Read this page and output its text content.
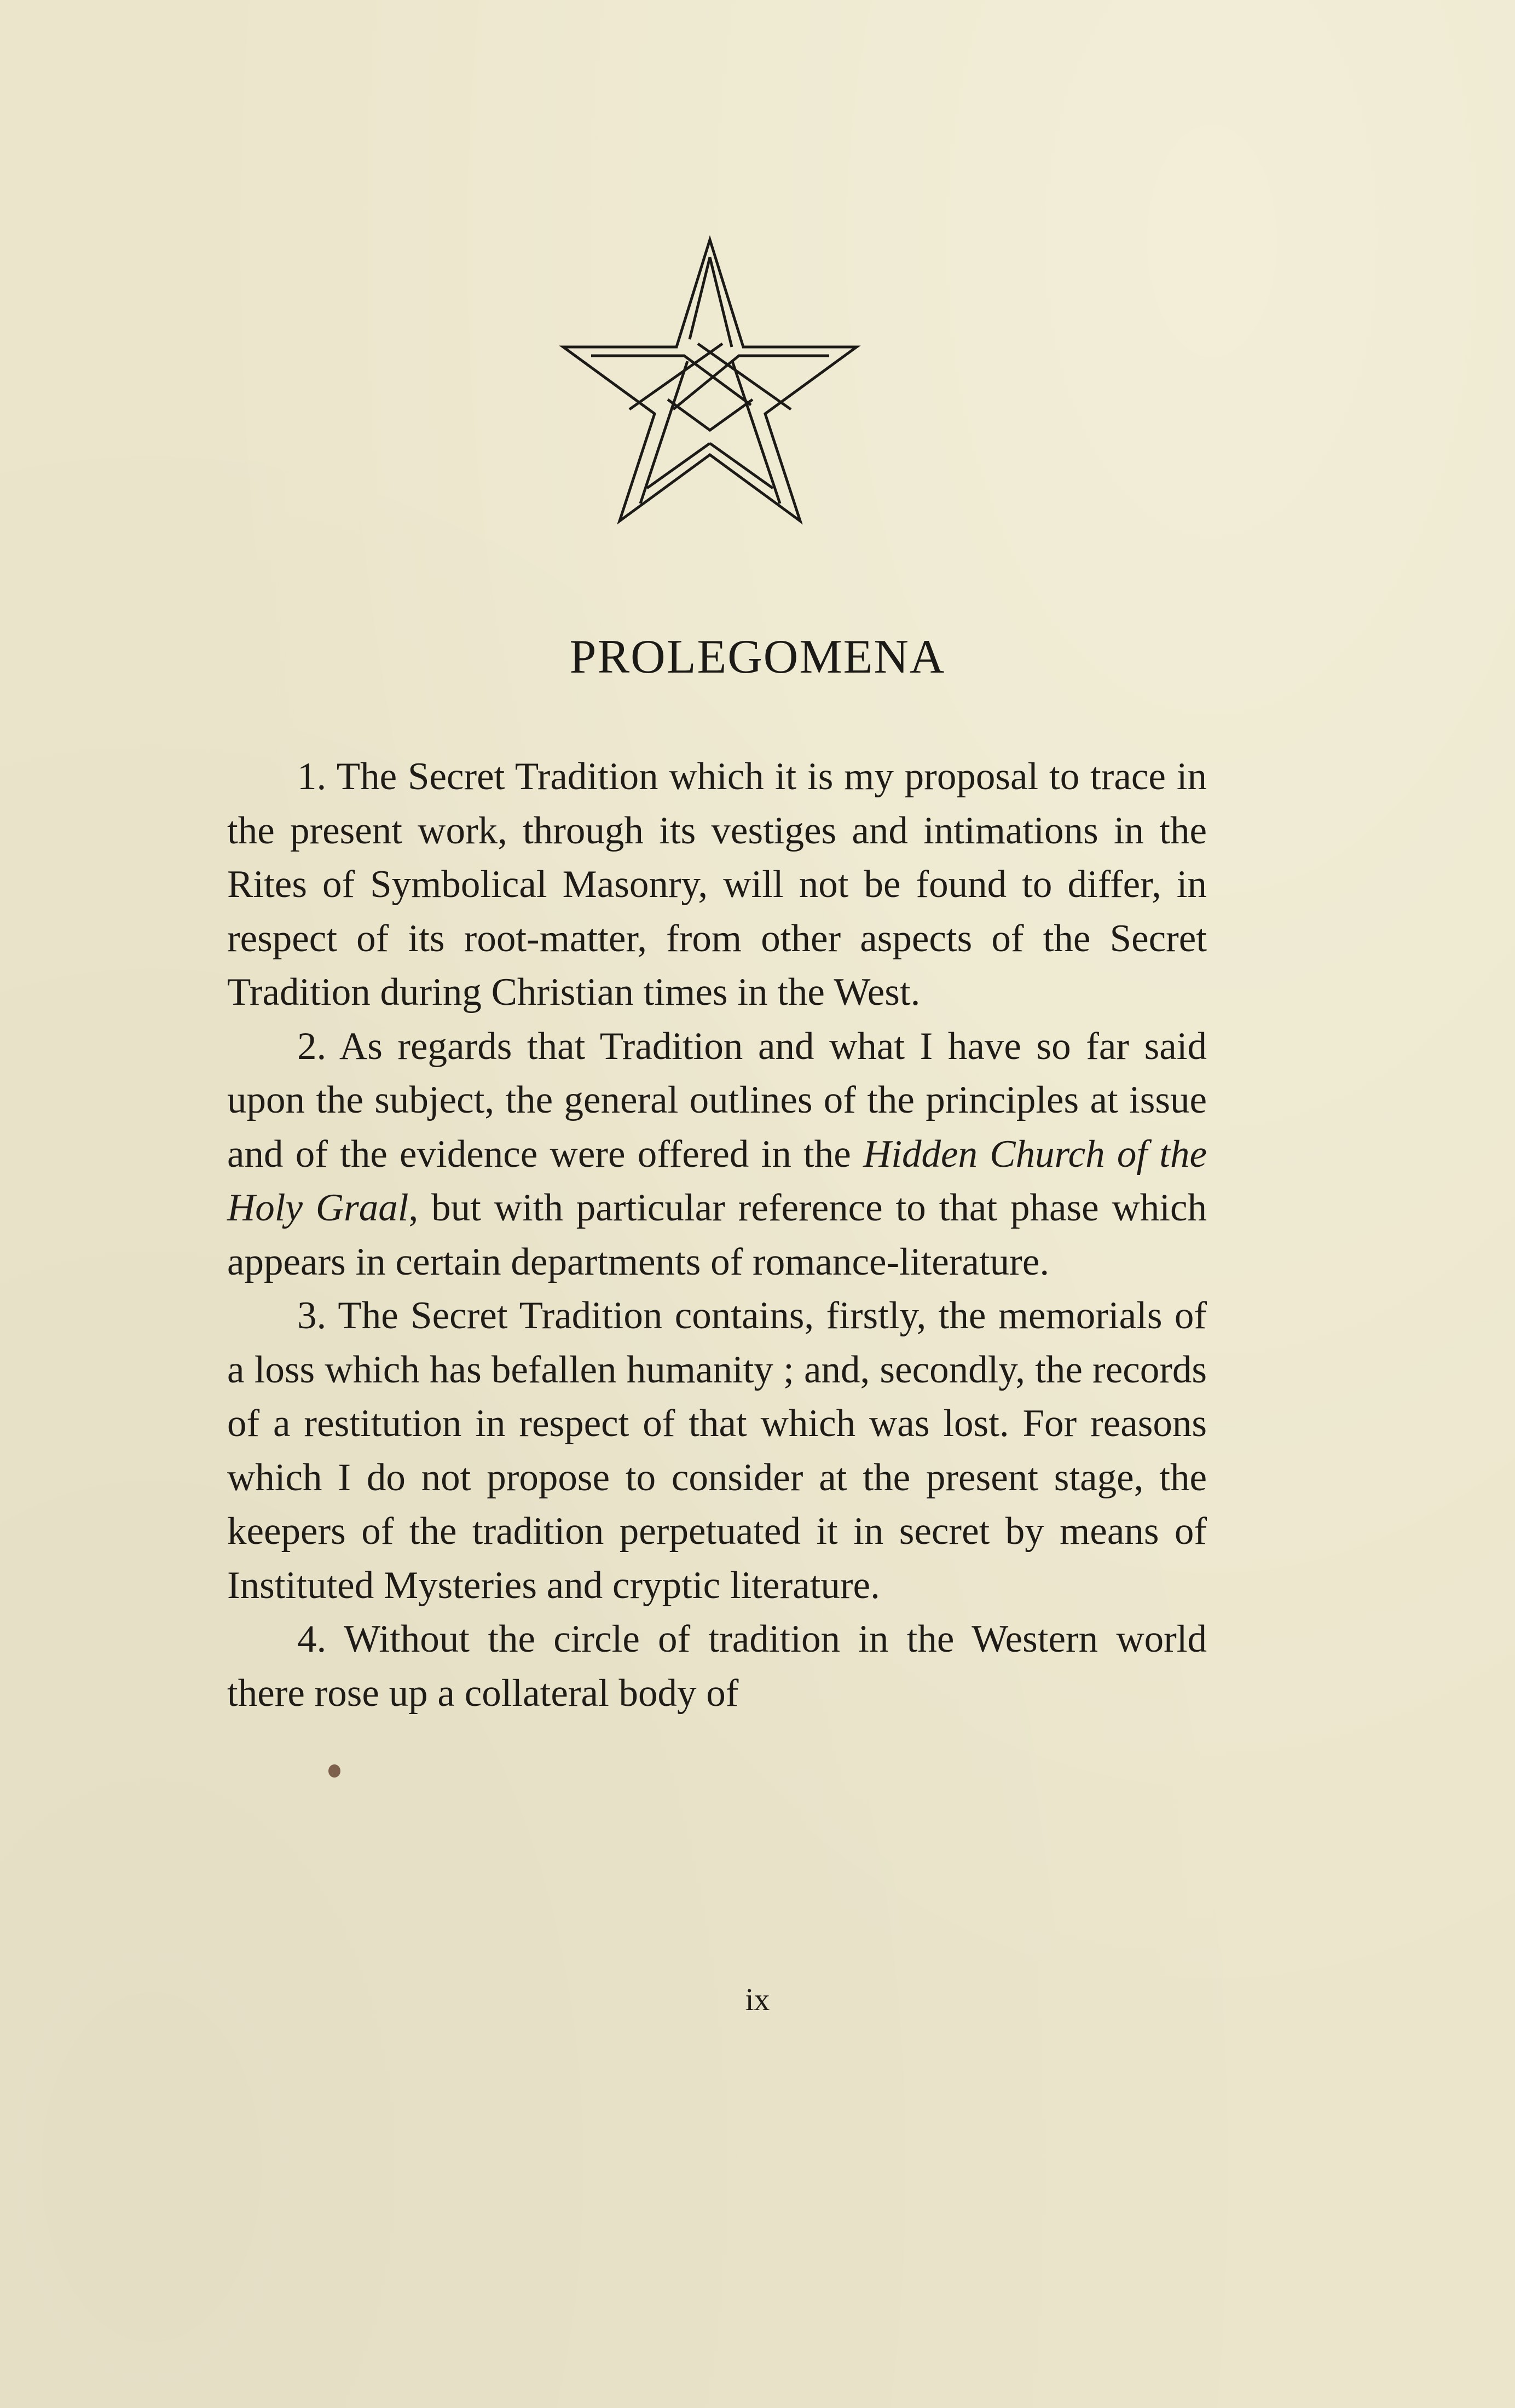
PROLEGOMENA

1. The Secret Tradition which it is my proposal to trace in the present work, through its vestiges and intimations in the Rites of Symbolical Masonry, will not be found to differ, in respect of its root-matter, from other aspects of the Secret Tradition during Christian times in the West.

2. As regards that Tradition and what I have so far said upon the subject, the general outlines of the principles at issue and of the evidence were offered in the Hidden Church of the Holy Graal, but with particular reference to that phase which appears in certain departments of romance-literature.

3. The Secret Tradition contains, firstly, the memorials of a loss which has befallen humanity ; and, secondly, the records of a restitution in respect of that which was lost. For reasons which I do not propose to consider at the present stage, the keepers of the tradition perpetuated it in secret by means of Instituted Mysteries and cryptic literature.

4. Without the circle of tradition in the Western world there rose up a collateral body of

ix
